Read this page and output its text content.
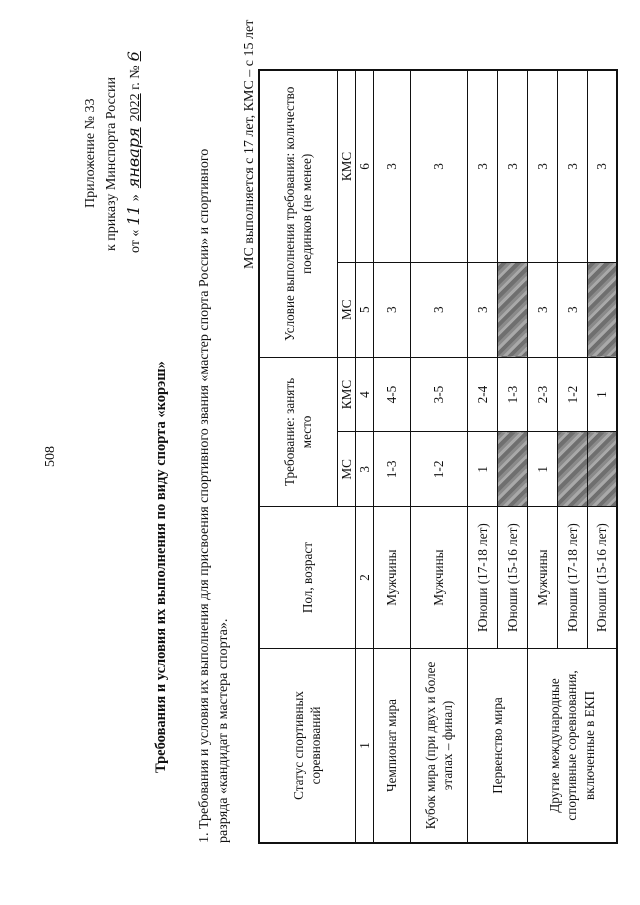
508
Приложение № 33 к приказу Минспорта России от «11»января2022 г. №6
Требования и условия их выполнения по виду спорта «корэш» 1. Требования и условия их выполнения для присвоения спортивного звания «мастер спорта России» и спортивного разряда «кандидат в мастера спорта».
МС выполняется с 17 лет, КМС – с 15 лет
Статус спортивных соревнований	Пол, возраст	Требование: занять место		Условие выполнения требования: количество поединков (не менее)	
		МС	КМС	МС	КМС
1	2	3	4	5	6
Чемпионат мира	Мужчины	1-3	4-5	3	3
Кубок мира (при двух и более этапах – финал)	Мужчины	1-2	3-5	3	3
Первенство мира	Юноши (17-18 лет)	1	2-4	3	3
	Юноши (15-16 лет)		1-3		3
Другие международные спортивные соревнования, включенные в ЕКП	Мужчины	1	2-3	3	3
	Юноши (17-18 лет)		1-2	3	3
	Юноши (15-16 лет)		1		3
